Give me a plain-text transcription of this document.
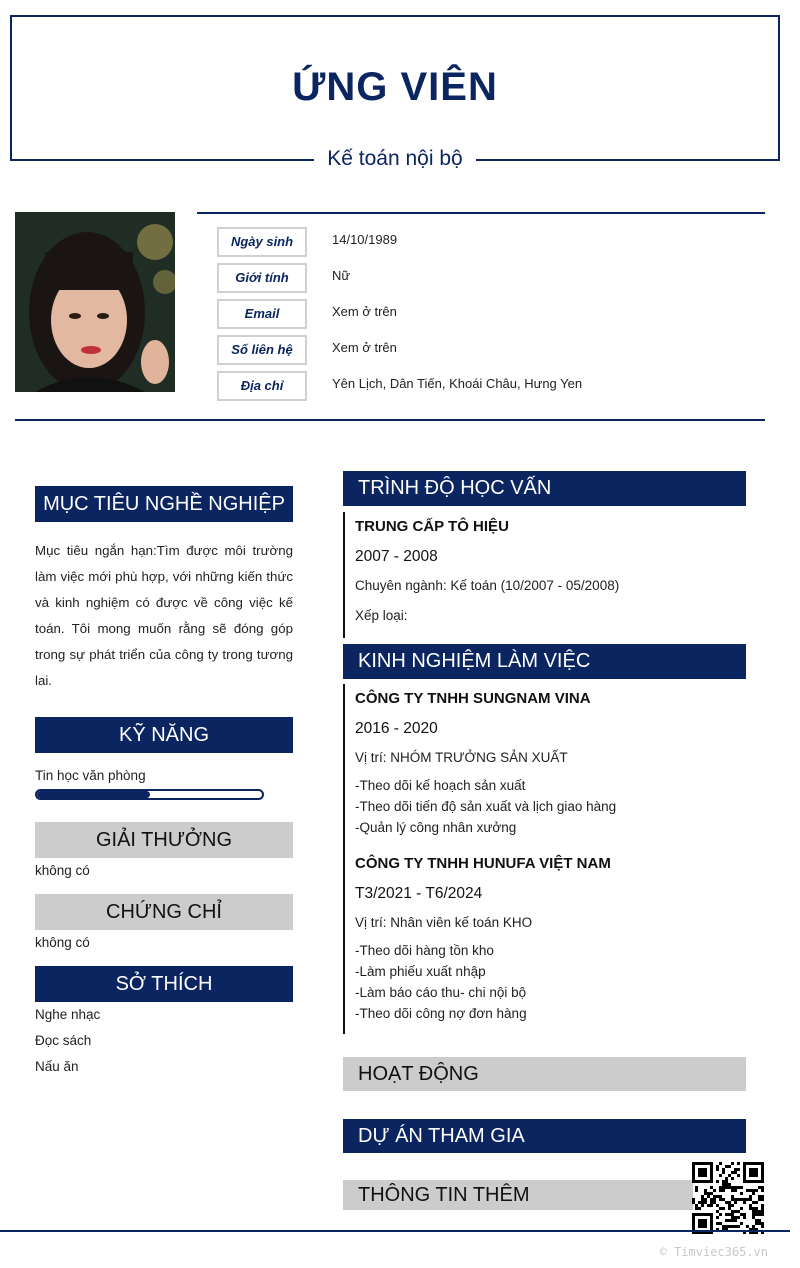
ỨNG VIÊN
Kế toán nội bộ
Ngày sinh	14/10/1989
Giới tính	Nữ
Email	Xem ở trên
Số liên hệ	Xem ở trên
Địa chỉ	Yên Lịch, Dân Tiến, Khoái Châu, Hưng Yen
MỤC TIÊU NGHỀ NGHIỆP
Mục tiêu ngắn hạn:Tìm được môi trường làm việc mới phù hợp, với những kiến thức và kinh nghiệm có được về công việc kế toán. Tôi mong muốn rằng sẽ đóng góp trong sự phát triển của công ty trong tương lai.
KỸ NĂNG
Tin học văn phòng
GIẢI THƯỞNG
không có
CHỨNG CHỈ
không có
SỞ THÍCH
Nghe nhạc
Đọc sách
Nấu ăn
TRÌNH ĐỘ HỌC VẤN
TRUNG CẤP TÔ HIỆU
2007 - 2008
Chuyên ngành: Kế toán (10/2007 - 05/2008)
Xếp loại:
KINH NGHIỆM LÀM VIỆC
CÔNG TY TNHH SUNGNAM VINA
2016 - 2020
Vị trí: NHÓM TRƯỞNG SẢN XUẤT
-Theo dõi kế hoạch sản xuất
-Theo dõi tiến độ sản xuất và lịch giao hàng
-Quản lý công nhân xưởng
CÔNG TY TNHH HUNUFA VIỆT NAM
T3/2021 - T6/2024
Vị trí: Nhân viên kế toán KHO
-Theo dõi hàng tồn kho
-Làm phiếu xuất nhập
-Làm báo cáo thu- chi nội bộ
-Theo dõi công nợ đơn hàng
HOẠT ĐỘNG
DỰ ÁN THAM GIA
THÔNG TIN THÊM
© Timviec365.vn
